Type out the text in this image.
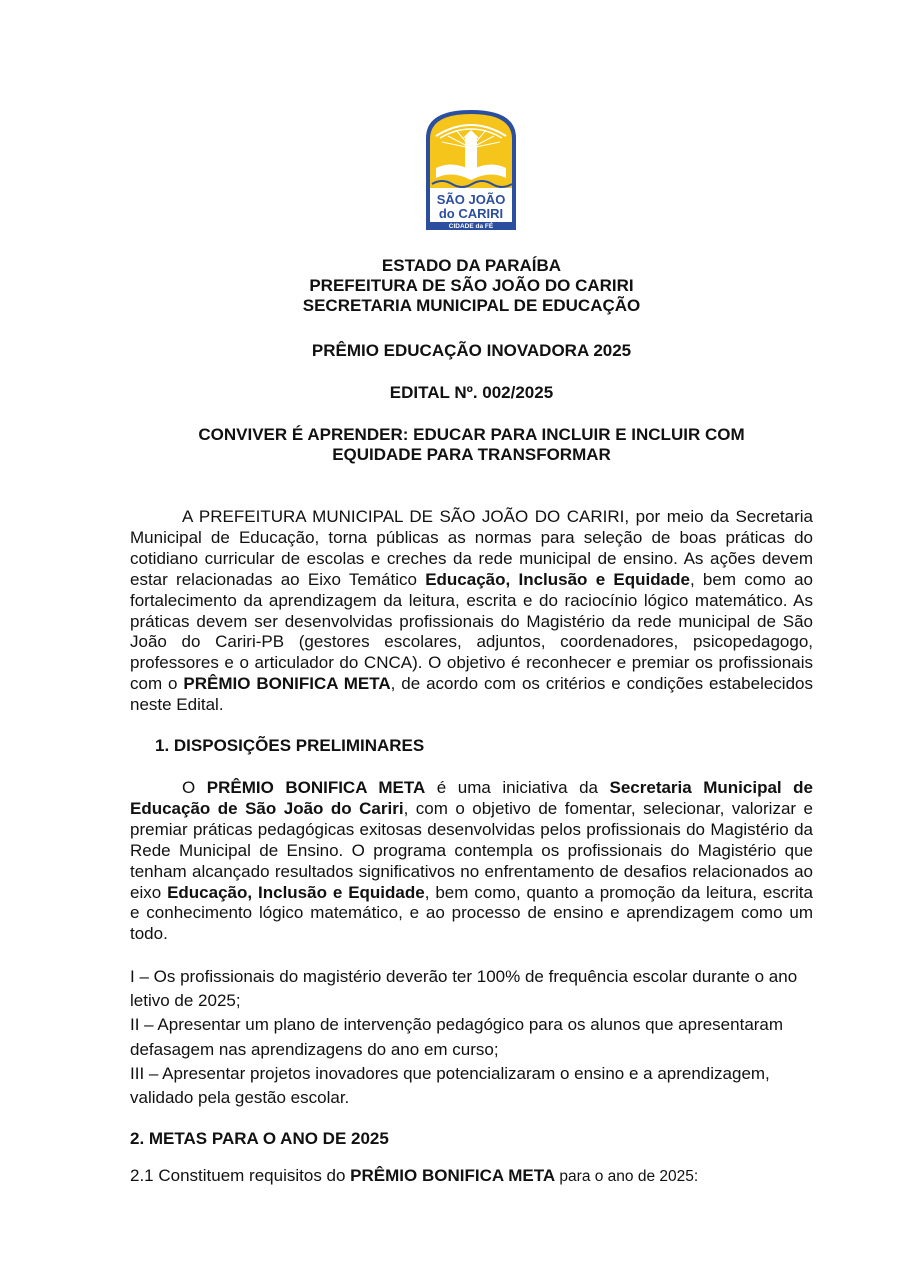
SÃO JOÃO
do CARIRI
CIDADE da FÉ
ESTADO DA PARAÍBA
PREFEITURA DE SÃO JOÃO DO CARIRI
SECRETARIA MUNICIPAL DE EDUCAÇÃO
PRÊMIO EDUCAÇÃO INOVADORA 2025
EDITAL Nº. 002/2025
CONVIVER É APRENDER: EDUCAR PARA INCLUIR E INCLUIR COM
EQUIDADE PARA TRANSFORMAR

A PREFEITURA MUNICIPAL DE SÃO JOÃO DO CARIRI, por meio da Secretaria Municipal de Educação, torna públicas as normas para seleção de boas práticas do cotidiano curricular de escolas e creches da rede municipal de ensino. As ações devem estar relacionadas ao Eixo Temático Educação, Inclusão e Equidade, bem como ao fortalecimento da aprendizagem da leitura, escrita e do raciocínio lógico matemático. As práticas devem ser desenvolvidas profissionais do Magistério da rede municipal de São João do Cariri-PB (gestores escolares, adjuntos, coordenadores, psicopedagogo, professores e o articulador do CNCA). O objetivo é reconhecer e premiar os profissionais com o PRÊMIO BONIFICA META, de acordo com os critérios e condições estabelecidos neste Edital.

1. DISPOSIÇÕES PRELIMINARES

O PRÊMIO BONIFICA META é uma iniciativa da Secretaria Municipal de Educação de São João do Cariri, com o objetivo de fomentar, selecionar, valorizar e premiar práticas pedagógicas exitosas desenvolvidas pelos profissionais do Magistério da Rede Municipal de Ensino. O programa contempla os profissionais do Magistério que tenham alcançado resultados significativos no enfrentamento de desafios relacionados ao eixo Educação, Inclusão e Equidade, bem como, quanto a promoção da leitura, escrita e conhecimento lógico matemático, e ao processo de ensino e aprendizagem como um todo.

I – Os profissionais do magistério deverão ter 100% de frequência escolar durante o ano letivo de 2025;
II – Apresentar um plano de intervenção pedagógico para os alunos que apresentaram defasagem nas aprendizagens do ano em curso;
III – Apresentar projetos inovadores que potencializaram o ensino e a aprendizagem, validado pela gestão escolar.
2. METAS PARA O ANO DE 2025
2.1 Constituem requisitos do PRÊMIO BONIFICA META para o ano de 2025:
